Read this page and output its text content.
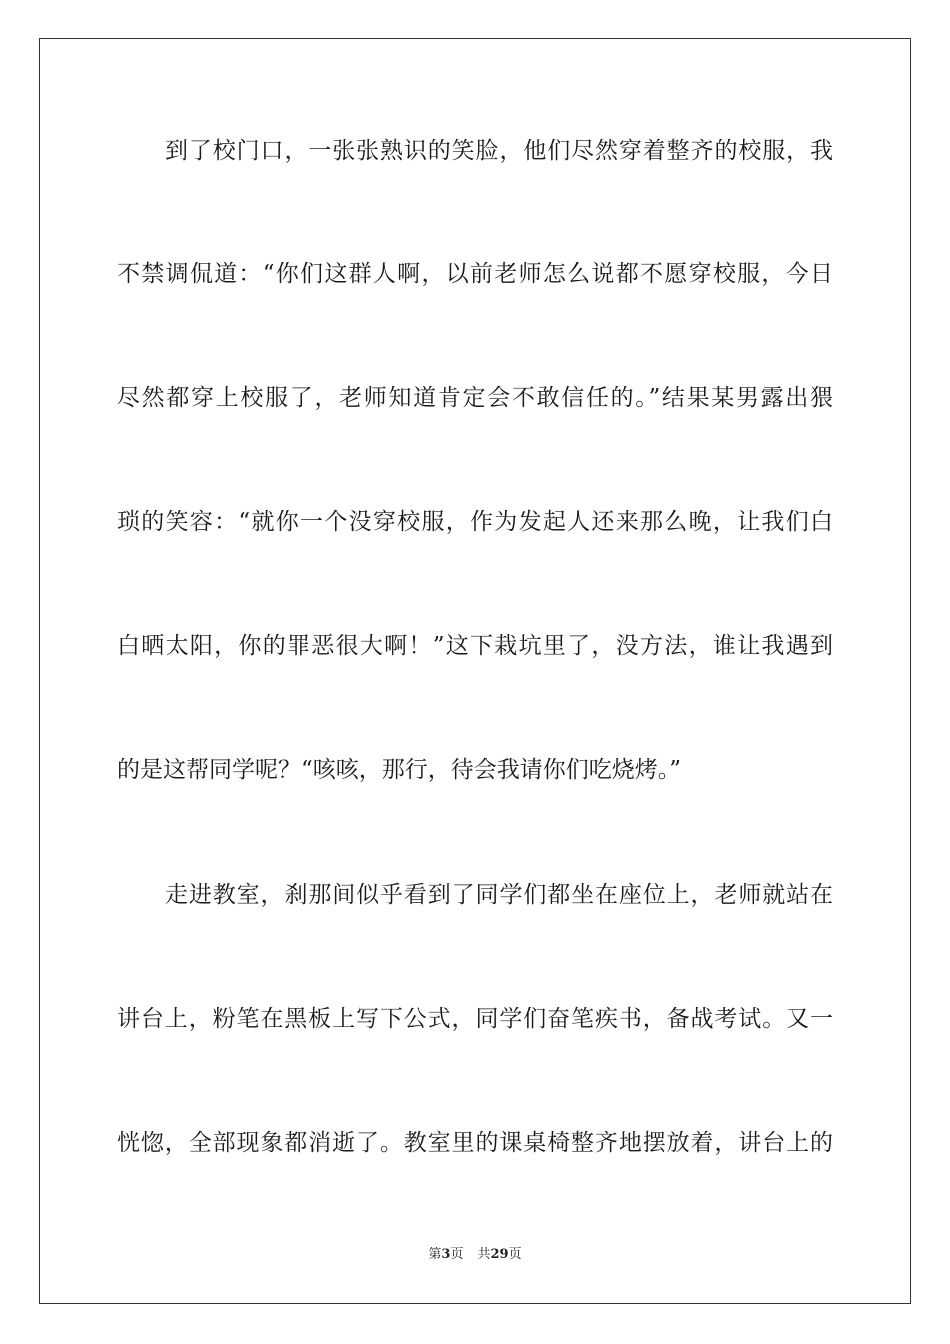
到了校门口，一张张熟识的笑脸，他们尽然穿着整齐的校服，我
不禁调侃道：“你们这群人啊，以前老师怎么说都不愿穿校服，今日
尽然都穿上校服了，老师知道肯定会不敢信任的。”结果某男露出猥
琐的笑容：“就你一个没穿校服，作为发起人还来那么晚，让我们白
白晒太阳，你的罪恶很大啊！”这下栽坑里了，没方法，谁让我遇到
的是这帮同学呢？“咳咳，那行，待会我请你们吃烧烤。”
走进教室，刹那间似乎看到了同学们都坐在座位上，老师就站在
讲台上，粉笔在黑板上写下公式，同学们奋笔疾书，备战考试。又一
恍惚，全部现象都消逝了。教室里的课桌椅整齐地摆放着，讲台上的
第3页 共29页
